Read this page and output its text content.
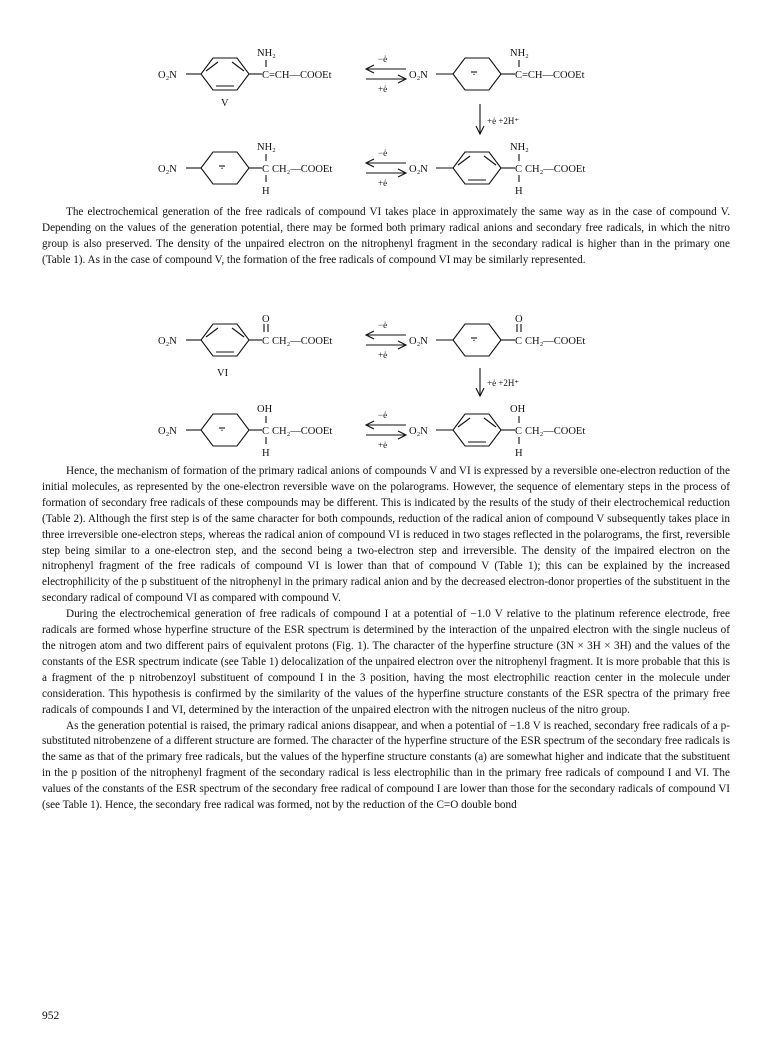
NH₂
O₂N	C=CH—COOEt
V
−ė
+ė
NH₂
O₂N	·	C=CH—COOEt
+ė +2H⁺
NH₂
O₂N	·	C CH₂—COOEt
H
−ė
+ė
NH₂
O₂N	C CH₂—COOEt
H

The electrochemical generation of the free radicals of compound VI takes place in approximately the same way as in the case of compound V. Depending on the values of the generation potential, there may be formed both primary radical anions and secondary free radicals, in which the nitro group is also preserved. The density of the unpaired electron on the nitrophenyl fragment in the secondary radical is higher than in the primary one (Table 1). As in the case of compound V, the formation of the free radicals of compound VI may be similarly represented.

O
O₂N	C CH₂—COOEt
VI
−ė
+ė
O
O₂N	·	C CH₂—COOEt
+ė +2H⁺
OH
O₂N	·	C CH₂—COOEt
H
−ė
+ė
OH
O₂N	C CH₂—COOEt
H

Hence, the mechanism of formation of the primary radical anions of compounds V and VI is expressed by a reversible one-electron reduction of the initial molecules, as represented by the one-electron reversible wave on the polarograms. However, the sequence of elementary steps in the process of formation of secondary free radicals of these compounds may be different. This is indicated by the results of the study of their electrochemical reduction (Table 2). Although the first step is of the same character for both compounds, reduction of the radical anion of compound V subsequently takes place in three irreversible one-electron steps, whereas the radical anion of compound VI is reduced in two stages reflected in the polarograms, the first, reversible step being similar to a one-electron step, and the second being a two-electron step and irreversible. The density of the impaired electron on the nitrophenyl fragment of the free radicals of compound VI is lower than that of compound V (Table 1); this can be explained by the increased electrophilicity of the p substituent of the nitrophenyl in the primary radical anion and by the decreased electron-donor properties of the substituent in the secondary radical of compound VI as compared with compound V.

During the electrochemical generation of free radicals of compound I at a potential of −1.0 V relative to the platinum reference electrode, free radicals are formed whose hyperfine structure of the ESR spectrum is determined by the interaction of the unpaired electron with the single nucleus of the nitrogen atom and two different pairs of equivalent protons (Fig. 1). The character of the hyperfine structure (3N × 3H × 3H) and the values of the constants of the ESR spectrum indicate (see Table 1) delocalization of the unpaired electron over the nitrophenyl fragment. It is more probable that this is a fragment of the p nitrobenzoyl substituent of compound I in the 3 position, having the most electrophilic reaction center in the molecule under consideration. This hypothesis is confirmed by the similarity of the values of the hyperfine structure constants of the ESR spectra of the primary free radicals of compounds I and VI, determined by the interaction of the unpaired electron with the nitrogen nucleus of the nitro group.

As the generation potential is raised, the primary radical anions disappear, and when a potential of −1.8 V is reached, secondary free radicals of a p-substituted nitrobenzene of a different structure are formed. The character of the hyperfine structure of the ESR spectrum of the secondary free radicals is the same as that of the primary free radicals, but the values of the hyperfine structure constants (a) are somewhat higher and indicate that the substituent in the p position of the nitrophenyl fragment of the secondary radical is less electrophilic than in the primary free radicals of compound I and VI. The values of the constants of the ESR spectrum of the secondary free radical of compound I are lower than those for the secondary radicals of compound VI (see Table 1). Hence, the secondary free radical was formed, not by the reduction of the C=O double bond

952
